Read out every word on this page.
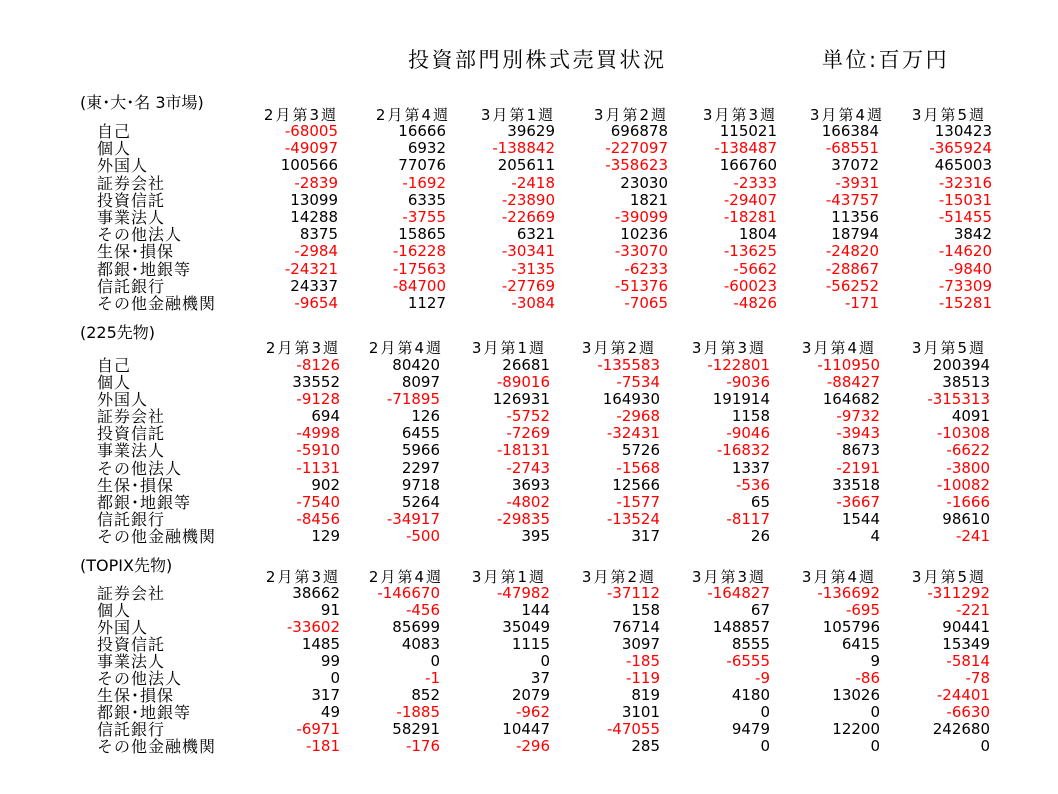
投資部門別株式売買状況	単位:百万円
(東･大･名 3市場)
2月第3週	2月第4週	3月第1週	3月第2週	3月第3週	3月第4週	3月第5週
自己	-68005	16666	39629	696878	115021	166384	130423
個人	-49097	6932	-138842	-227097	-138487	-68551	-365924
外国人	100566	77076	205611	-358623	166760	37072	465003
証券会社	-2839	-1692	-2418	23030	-2333	-3931	-32316
投資信託	13099	6335	-23890	1821	-29407	-43757	-15031
事業法人	14288	-3755	-22669	-39099	-18281	11356	-51455
その他法人	8375	15865	6321	10236	1804	18794	3842
生保･損保	-2984	-16228	-30341	-33070	-13625	-24820	-14620
都銀･地銀等	-24321	-17563	-3135	-6233	-5662	-28867	-9840
信託銀行	24337	-84700	-27769	-51376	-60023	-56252	-73309
その他金融機関	-9654	1127	-3084	-7065	-4826	-171	-15281
(225先物)
2月第3週	2月第4週	3月第1週	3月第2週	3月第3週	3月第4週	3月第5週
自己	-8126	80420	26681	-135583	-122801	-110950	200394
個人	33552	8097	-89016	-7534	-9036	-88427	38513
外国人	-9128	-71895	126931	164930	191914	164682	-315313
証券会社	694	126	-5752	-2968	1158	-9732	4091
投資信託	-4998	6455	-7269	-32431	-9046	-3943	-10308
事業法人	-5910	5966	-18131	5726	-16832	8673	-6622
その他法人	-1131	2297	-2743	-1568	1337	-2191	-3800
生保･損保	902	9718	3693	12566	-536	33518	-10082
都銀･地銀等	-7540	5264	-4802	-1577	65	-3667	-1666
信託銀行	-8456	-34917	-29835	-13524	-8117	1544	98610
その他金融機関	129	-500	395	317	26	4	-241
(TOPIX先物)
2月第3週	2月第4週	3月第1週	3月第2週	3月第3週	3月第4週	3月第5週
証券会社	38662	-146670	-47982	-37112	-164827	-136692	-311292
個人	91	-456	144	158	67	-695	-221
外国人	-33602	85699	35049	76714	148857	105796	90441
投資信託	1485	4083	1115	3097	8555	6415	15349
事業法人	99	0	0	-185	-6555	9	-5814
その他法人	0	-1	37	-119	-9	-86	-78
生保･損保	317	852	2079	819	4180	13026	-24401
都銀･地銀等	49	-1885	-962	3101	0	0	-6630
信託銀行	-6971	58291	10447	-47055	9479	12200	242680
その他金融機関	-181	-176	-296	285	0	0	0
